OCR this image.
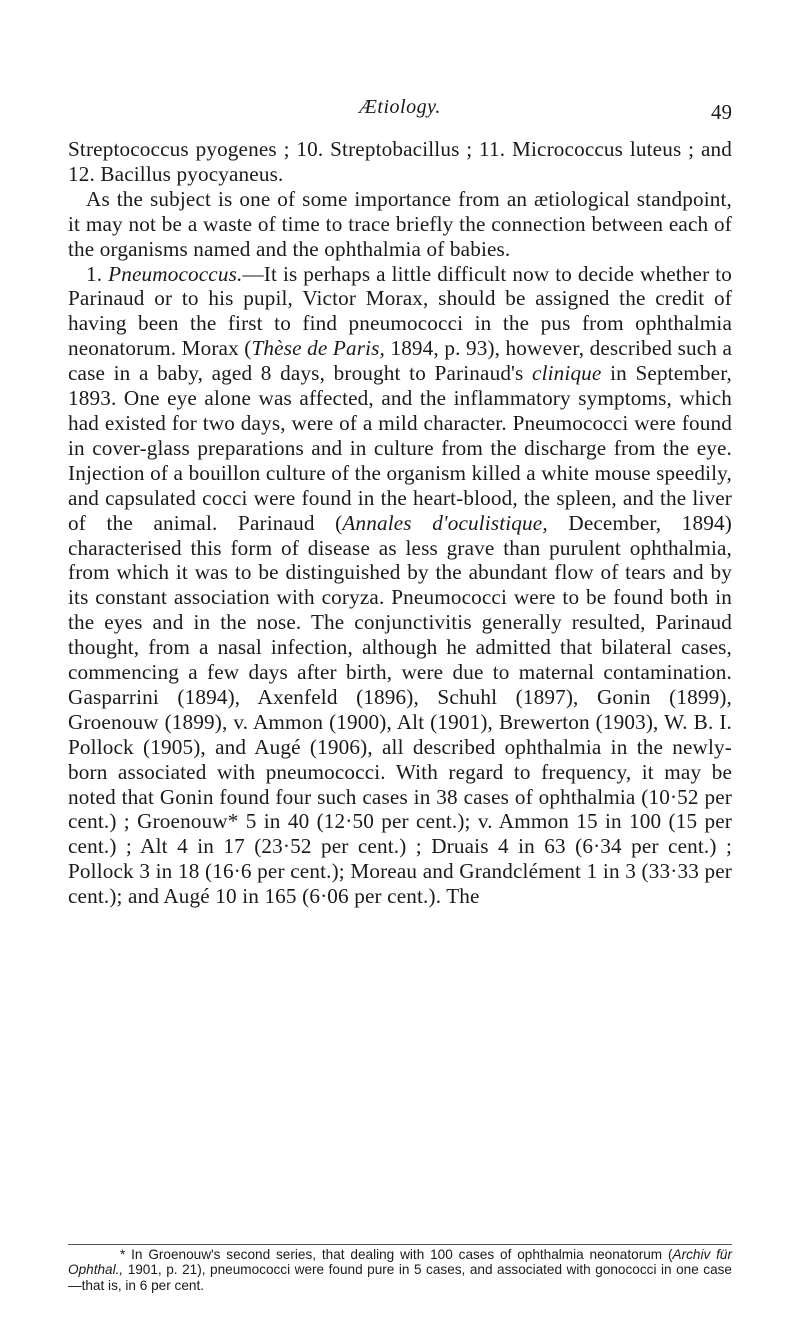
Ætiology.	49

Streptococcus pyogenes ; 10. Streptobacillus ; 11. Micrococcus luteus ; and 12. Bacillus pyocyaneus.

As the subject is one of some importance from an ætiological standpoint, it may not be a waste of time to trace briefly the connection between each of the organisms named and the ophthalmia of babies.

1. Pneumococcus.—It is perhaps a little difficult now to decide whether to Parinaud or to his pupil, Victor Morax, should be assigned the credit of having been the first to find pneumococci in the pus from ophthalmia neonatorum. Morax (Thèse de Paris, 1894, p. 93), however, described such a case in a baby, aged 8 days, brought to Parinaud's clinique in September, 1893. One eye alone was affected, and the inflammatory symptoms, which had existed for two days, were of a mild character. Pneumococci were found in cover-glass preparations and in culture from the discharge from the eye. Injection of a bouillon culture of the organism killed a white mouse speedily, and capsulated cocci were found in the heart-blood, the spleen, and the liver of the animal. Parinaud (Annales d'oculistique, December, 1894) characterised this form of disease as less grave than purulent ophthalmia, from which it was to be distinguished by the abundant flow of tears and by its constant association with coryza. Pneumococci were to be found both in the eyes and in the nose. The conjunctivitis generally resulted, Parinaud thought, from a nasal infection, although he admitted that bilateral cases, commencing a few days after birth, were due to maternal contamination. Gasparrini (1894), Axenfeld (1896), Schuhl (1897), Gonin (1899), Groenouw (1899), v. Ammon (1900), Alt (1901), Brewerton (1903), W. B. I. Pollock (1905), and Augé (1906), all described ophthalmia in the newly-born associated with pneumococci. With regard to frequency, it may be noted that Gonin found four such cases in 38 cases of ophthalmia (10·52 per cent.) ; Groenouw* 5 in 40 (12·50 per cent.); v. Ammon 15 in 100 (15 per cent.) ; Alt 4 in 17 (23·52 per cent.) ; Druais 4 in 63 (6·34 per cent.) ; Pollock 3 in 18 (16·6 per cent.); Moreau and Grandclément 1 in 3 (33·33 per cent.); and Augé 10 in 165 (6·06 per cent.). The

* In Groenouw's second series, that dealing with 100 cases of ophthalmia neonatorum (Archiv für Ophthal., 1901, p. 21), pneumococci were found pure in 5 cases, and associated with gonococci in one case—that is, in 6 per cent.
